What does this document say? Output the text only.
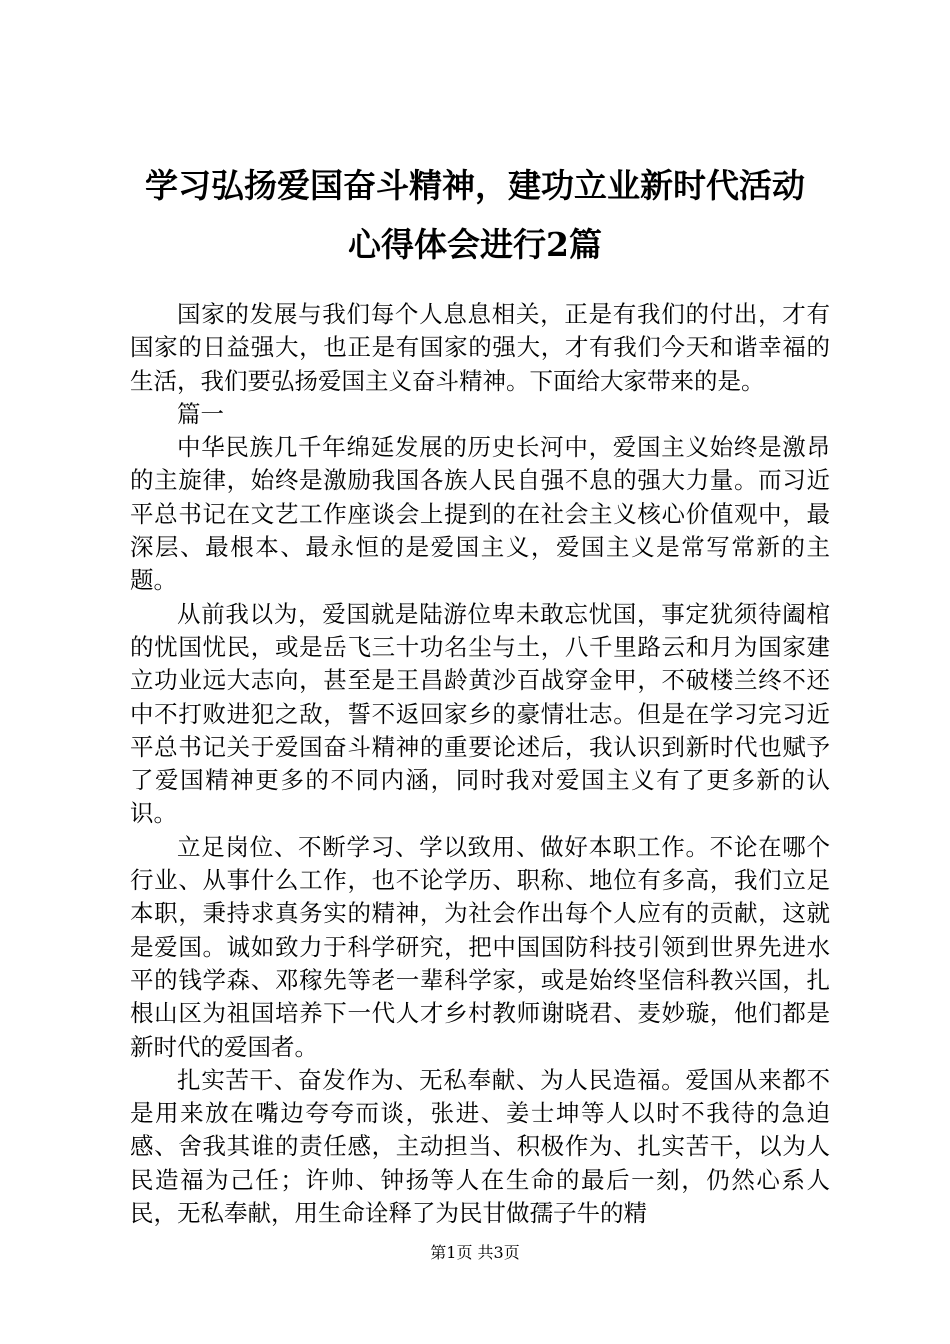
学习弘扬爱国奋斗精神，建功立业新时代活动
心得体会进行2篇

国家的发展与我们每个人息息相关，正是有我们的付出，才有国家的日益强大，也正是有国家的强大，才有我们今天和谐幸福的生活，我们要弘扬爱国主义奋斗精神。下面给大家带来的是。

篇一

中华民族几千年绵延发展的历史长河中，爱国主义始终是激昂的主旋律，始终是激励我国各族人民自强不息的强大力量。而习近平总书记在文艺工作座谈会上提到的在社会主义核心价值观中，最深层、最根本、最永恒的是爱国主义，爱国主义是常写常新的主题。

从前我以为，爱国就是陆游位卑未敢忘忧国，事定犹须待阖棺的忧国忧民，或是岳飞三十功名尘与土，八千里路云和月为国家建立功业远大志向，甚至是王昌龄黄沙百战穿金甲，不破楼兰终不还中不打败进犯之敌，誓不返回家乡的豪情壮志。但是在学习完习近平总书记关于爱国奋斗精神的重要论述后，我认识到新时代也赋予了爱国精神更多的不同内涵，同时我对爱国主义有了更多新的认识。

立足岗位、不断学习、学以致用、做好本职工作。不论在哪个行业、从事什么工作，也不论学历、职称、地位有多高，我们立足本职，秉持求真务实的精神，为社会作出每个人应有的贡献，这就是爱国。诚如致力于科学研究，把中国国防科技引领到世界先进水平的钱学森、邓稼先等老一辈科学家，或是始终坚信科教兴国，扎根山区为祖国培养下一代人才乡村教师谢晓君、麦妙璇，他们都是新时代的爱国者。

扎实苦干、奋发作为、无私奉献、为人民造福。爱国从来都不是用来放在嘴边夸夸而谈，张进、姜士坤等人以时不我待的急迫感、舍我其谁的责任感，主动担当、积极作为、扎实苦干，以为人民造福为己任；许帅、钟扬等人在生命的最后一刻，仍然心系人民，无私奉献，用生命诠释了为民甘做孺子牛的精

第1页 共3页
